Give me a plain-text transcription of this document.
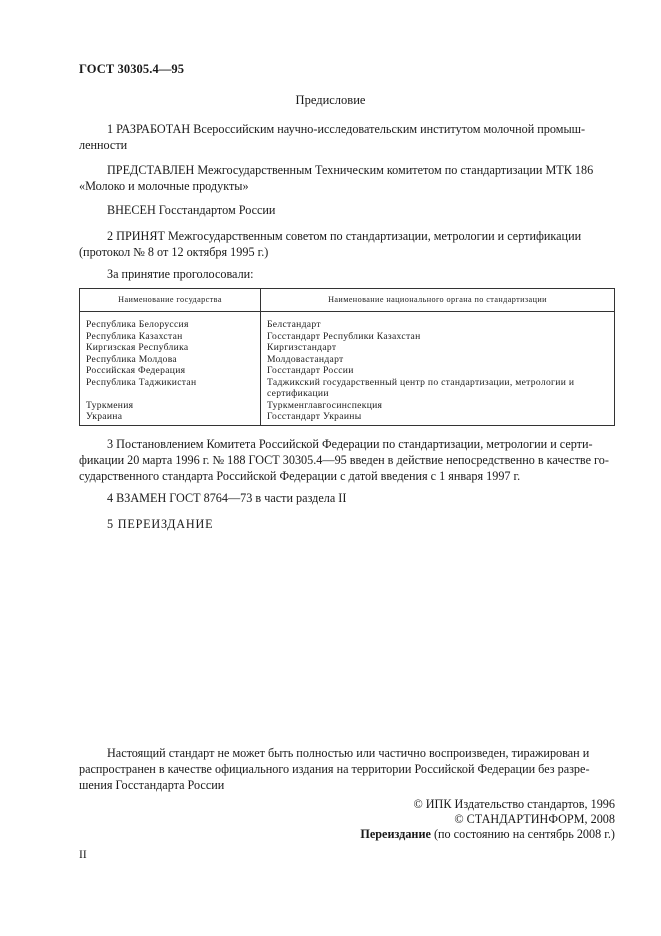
ГОСТ 30305.4—95
Предисловие
1 РАЗРАБОТАН Всероссийским научно-исследовательским институтом молочной промыш-
ленности
ПРЕДСТАВЛЕН Межгосударственным Техническим комитетом по стандартизации МТК 186
«Молоко и молочные продукты»
ВНЕСЕН Госстандартом России
2 ПРИНЯТ Межгосударственным советом по стандартизации, метрологии и сертификации
(протокол № 8 от 12 октября 1995 г.)
За принятие проголосовали:
Наименование государства	Наименование национального органа по стандартизации
Республика Белоруссия	Белстандарт
Республика Казахстан	Госстандарт Республики Казахстан
Киргизская Республика	Киргизстандарт
Республика Молдова	Молдовастандарт
Российская Федерация	Госстандарт России
Республика Таджикистан	Таджикский государственный центр по стандартизации, метрологии и сертификации
Туркмения	Туркменглавгосинспекция
Украина	Госстандарт Украины
3 Постановлением Комитета Российской Федерации по стандартизации, метрологии и серти-
фикации 20 марта 1996 г. № 188 ГОСТ 30305.4—95 введен в действие непосредственно в качестве го-
сударственного стандарта Российской Федерации с датой введения с 1 января 1997 г.
4 ВЗАМЕН ГОСТ 8764—73 в части раздела II
5 ПЕРЕИЗДАНИЕ
Настоящий стандарт не может быть полностью или частично воспроизведен, тиражирован и
распространен в качестве официального издания на территории Российской Федерации без разре-
шения Госстандарта России
© ИПК Издательство стандартов, 1996
© СТАНДАРТИНФОРМ, 2008
Переиздание (по состоянию на сентябрь 2008 г.)
II
